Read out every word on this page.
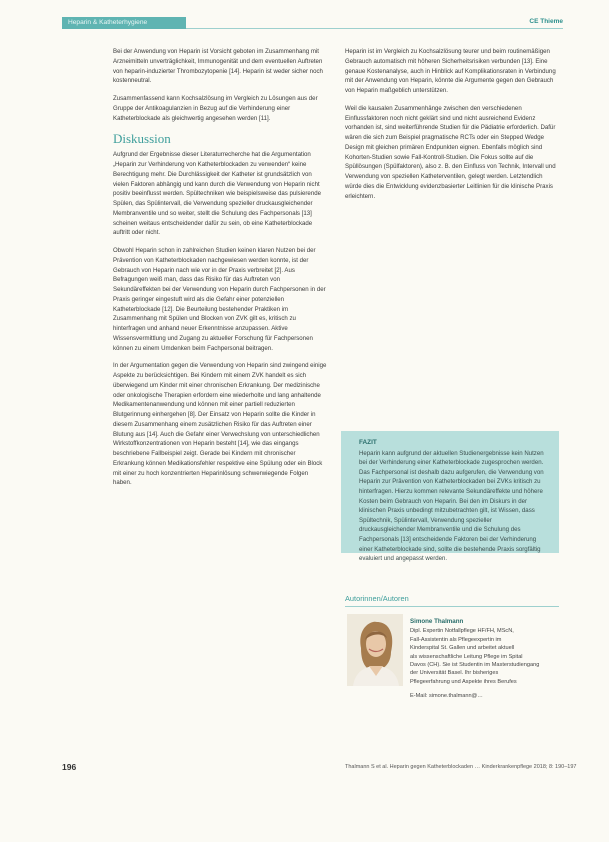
Heparin & Katheterhygiene	CE Thieme

Bei der Anwendung von Heparin ist Vorsicht geboten im Zusammenhang mit Arzneimitteln unverträglichkeit, Immunogenität und dem eventuellen Auftreten von heparin-induzierter Thrombozytopenie [14]. Heparin ist weder sicher noch kostenneutral.

Zusammenfassend kann Kochsalzlösung im Vergleich zu Lösungen aus der Gruppe der Antikoagulanzien in Bezug auf die Verhinderung einer Katheterblockade als gleichwertig angesehen werden [11].

Diskussion

Aufgrund der Ergebnisse dieser Literaturrecherche hat die Argumentation „Heparin zur Verhinderung von Katheterblockaden zu verwenden“ keine Berechtigung mehr. Die Durchlässigkeit der Katheter ist grundsätzlich von vielen Faktoren abhängig und kann durch die Verwendung von Heparin nicht positiv beeinflusst werden. Spültechniken wie beispielsweise das pulsierende Spülen, das Spülintervall, die Verwendung spezieller druckausgleichender Membranventile und so weiter, stellt die Schulung des Fachpersonals [13] scheinen weitaus entscheidender dafür zu sein, ob eine Katheterblockade auftritt oder nicht.

Obwohl Heparin schon in zahlreichen Studien keinen klaren Nutzen bei der Prävention von Katheterblockaden nachgewiesen werden konnte, ist der Gebrauch von Heparin nach wie vor in der Praxis verbreitet [2]. Aus Befragungen weiß man, dass das Risiko für das Auftreten von Sekundäreffekten bei der Verwendung von Heparin durch Fachpersonen in der Praxis geringer eingestuft wird als die Gefahr einer potenziellen Katheterblockade [12]. Die Beurteilung bestehender Praktiken im Zusammenhang mit Spülen und Blocken von ZVK gilt es, kritisch zu hinterfragen und anhand neuer Erkenntnisse anzupassen. Aktive Wissensvermittlung und Zugang zu aktueller Forschung für Fachpersonen können zu einem Umdenken beim Fachpersonal beitragen.

In der Argumentation gegen die Verwendung von Heparin sind zwingend einige Aspekte zu berücksichtigen. Bei Kindern mit einem ZVK handelt es sich überwiegend um Kinder mit einer chronischen Erkrankung. Der medizinische oder onkologische Therapien erfordern eine wiederholte und lang anhaltende Medikamentenanwendung und können mit einer partiell reduzierten Blutgerinnung einhergehen [8]. Der Einsatz von Heparin sollte die Kinder in diesem Zusammenhang einem zusätzlichen Risiko für das Auftreten einer Blutung aus [14]. Auch die Gefahr einer Verwechslung von unterschiedlichen Wirkstoffkonzentrationen von Heparin besteht [14], wie das eingangs beschriebene Fallbeispiel zeigt. Gerade bei Kindern mit chronischer Erkrankung können Medikationsfehler respektive eine Spülung oder ein Block mit einer zu hoch konzentrierten Heparinlösung schwerwiegende Folgen haben.

Heparin ist im Vergleich zu Kochsalzlösung teurer und beim routinemäßigen Gebrauch automatisch mit höheren Sicherheitsrisiken verbunden [13]. Eine genaue Kostenanalyse, auch in Hinblick auf Komplikationsraten in Verbindung mit der Anwendung von Heparin, könnte die Argumente gegen den Gebrauch von Heparin maßgeblich unterstützen.

Weil die kausalen Zusammenhänge zwischen den verschiedenen Einflussfaktoren noch nicht geklärt sind und nicht ausreichend Evidenz vorhanden ist, sind weiterführende Studien für die Pädiatrie erforderlich. Dafür wären die sich zum Beispiel pragmatische RCTs oder ein Stepped Wedge Design mit gleichen primären Endpunkten eignen. Ebenfalls möglich sind Kohorten-Studien sowie Fall-Kontroll-Studien. Die Fokus sollte auf die Spüllösungen (Spülfaktoren), also z. B. den Einfluss von Technik, Intervall und Verwendung von speziellen Katheterventilen, gelegt werden. Letztendlich würde dies die Entwicklung evidenzbasierter Leitlinien für die klinische Praxis erleichtern.

FAZIT
Heparin kann aufgrund der aktuellen Studienergebnisse kein Nutzen bei der Verhinderung einer Katheterblockade zugesprochen werden. Das Fachpersonal ist deshalb dazu aufgerufen, die Verwendung von Heparin zur Prävention von Katheterblockaden bei ZVKs kritisch zu hinterfragen. Hierzu kommen relevante Sekundäreffekte und höhere Kosten beim Gebrauch von Heparin. Bei den im Diskurs in der klinischen Praxis unbedingt mitzubetrachten gilt, ist Wissen, dass Spültechnik, Spülintervall, Verwendung spezieller druckausgleichender Membranventile und die Schulung des Fachpersonals [13] entscheidende Faktoren bei der Verhinderung einer Katheterblockade sind, sollte die bestehende Praxis sorgfältig evaluiert und angepasst werden.
Autorinnen/Autoren
Simone Thalmann
Dipl. Expertin Notfallpflege HF/FH, MScN,
Fall-Assistentin als Pflegeexpertin im
Kinderspital St. Gallen und arbeitet aktuell
als wissenschaftliche Leitung Pflege im Spital
Davos (CH). Sie ist Studentin im Masterstudiengang
der Universität Basel. Ihr bisheriges
Pflegeerfahrung und Aspekte ihres Berufes
E-Mail: simone.thalmann@…
196	Thalmann S et al. Heparin gegen Katheterblockaden … Kinderkrankenpflege 2018; 8: 190–197
